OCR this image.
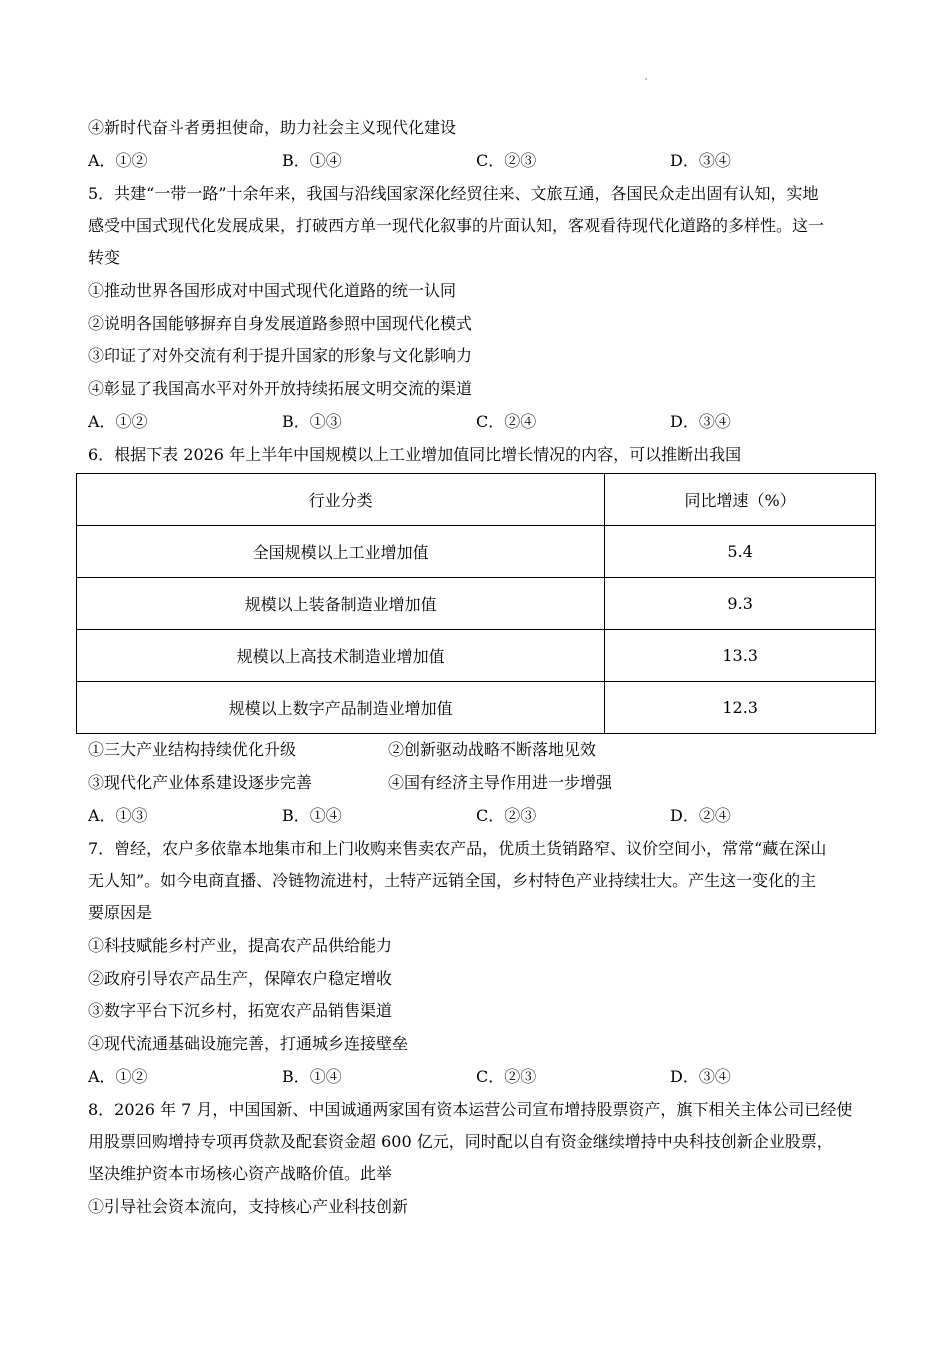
④新时代奋斗者勇担使命，助力社会主义现代化建设
A．①②	B．①④	C．②③	D．③④
5．共建“一带一路”十余年来，我国与沿线国家深化经贸往来、文旅互通，各国民众走出固有认知，实地
感受中国式现代化发展成果，打破西方单一现代化叙事的片面认知，客观看待现代化道路的多样性。这一
转变
①推动世界各国形成对中国式现代化道路的统一认同
②说明各国能够摒弃自身发展道路参照中国现代化模式
③印证了对外交流有利于提升国家的形象与文化影响力
④彰显了我国高水平对外开放持续拓展文明交流的渠道
A．①②	B．①③	C．②④	D．③④
6．根据下表 2026 年上半年中国规模以上工业增加值同比增长情况的内容，可以推断出我国
行业分类	同比增速（%）
全国规模以上工业增加值	5.4
规模以上装备制造业增加值	9.3
规模以上高技术制造业增加值	13.3
规模以上数字产品制造业增加值	12.3
①三大产业结构持续优化升级	②创新驱动战略不断落地见效
③现代化产业体系建设逐步完善	④国有经济主导作用进一步增强
A．①③	B．①④	C．②③	D．②④
7．曾经，农户多依靠本地集市和上门收购来售卖农产品，优质土货销路窄、议价空间小，常常“藏在深山
无人知”。如今电商直播、冷链物流进村，土特产远销全国，乡村特色产业持续壮大。产生这一变化的主
要原因是
①科技赋能乡村产业，提高农产品供给能力
②政府引导农产品生产，保障农户稳定增收
③数字平台下沉乡村，拓宽农产品销售渠道
④现代流通基础设施完善，打通城乡连接壁垒
A．①②	B．①④	C．②③	D．③④
8．2026 年 7 月，中国国新、中国诚通两家国有资本运营公司宣布增持股票资产，旗下相关主体公司已经使
用股票回购增持专项再贷款及配套资金超 600 亿元，同时配以自有资金继续增持中央科技创新企业股票，
坚决维护资本市场核心资产战略价值。此举
①引导社会资本流向，支持核心产业科技创新
